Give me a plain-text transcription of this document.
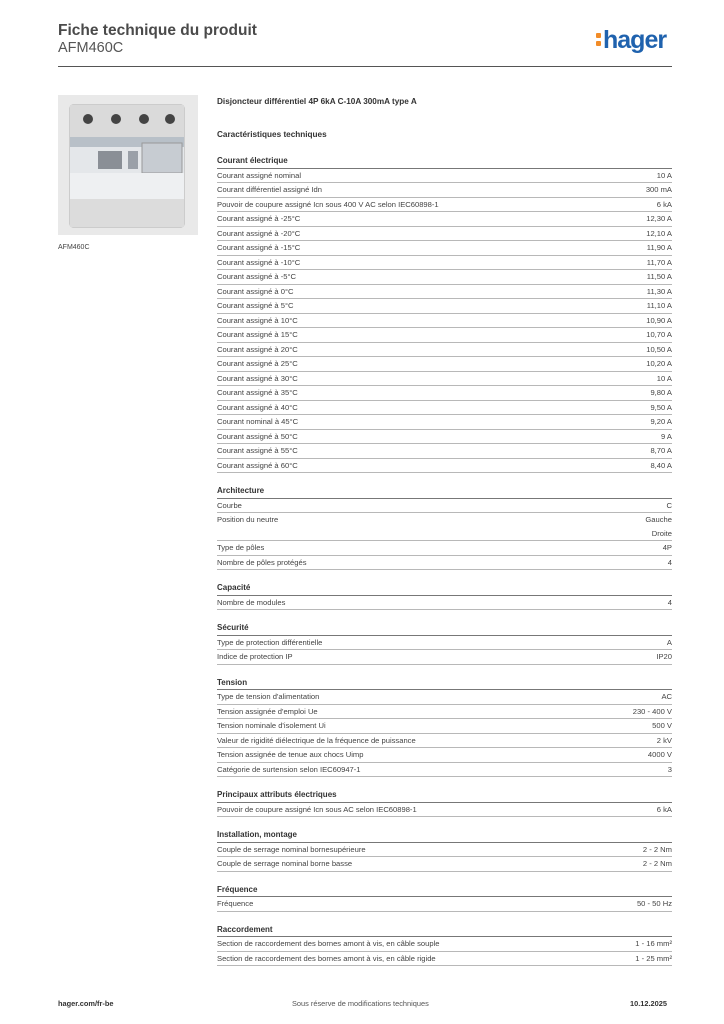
Fiche technique du produit
AFM460C	hager
AFM460C
Disjoncteur différentiel 4P 6kA C-10A 300mA type A
Caractéristiques techniques
Courant électrique
Courant assigné nominal	10 A
Courant différentiel assigné Idn	300 mA
Pouvoir de coupure assigné Icn sous 400 V AC selon IEC60898-1	6 kA
Courant assigné à -25°C	12,30 A
Courant assigné à -20°C	12,10 A
Courant assigné à -15°C	11,90 A
Courant assigné à -10°C	11,70 A
Courant assigné à -5°C	11,50 A
Courant assigné à 0°C	11,30 A
Courant assigné à 5°C	11,10 A
Courant assigné à 10°C	10,90 A
Courant assigné à 15°C	10,70 A
Courant assigné à 20°C	10,50 A
Courant assigné à 25°C	10,20 A
Courant assigné à 30°C	10 A
Courant assigné à 35°C	9,80 A
Courant assigné à 40°C	9,50 A
Courant nominal à 45°C	9,20 A
Courant assigné à 50°C	9 A
Courant assigné à 55°C	8,70 A
Courant assigné à 60°C	8,40 A
Architecture
Courbe	C
Position du neutre	Gauche
Droite
Type de pôles	4P
Nombre de pôles protégés	4
Capacité
Nombre de modules	4
Sécurité
Type de protection différentielle	A
Indice de protection IP	IP20
Tension
Type de tension d'alimentation	AC
Tension assignée d'emploi Ue	230 - 400 V
Tension nominale d'isolement Ui	500 V
Valeur de rigidité diélectrique de la fréquence de puissance	2 kV
Tension assignée de tenue aux chocs Uimp	4000 V
Catégorie de surtension selon IEC60947-1	3
Principaux attributs électriques
Pouvoir de coupure assigné Icn sous AC selon IEC60898-1	6 kA
Installation, montage
Couple de serrage nominal bornesupérieure	2 - 2 Nm
Couple de serrage nominal borne basse	2 - 2 Nm
Fréquence
Fréquence	50 - 50 Hz
Raccordement
Section de raccordement des bornes amont à vis, en câble souple	1 - 16 mm²
Section de raccordement des bornes amont à vis, en câble rigide	1 - 25 mm²
hager.com/fr-be	Sous réserve de modifications techniques	10.12.2025
